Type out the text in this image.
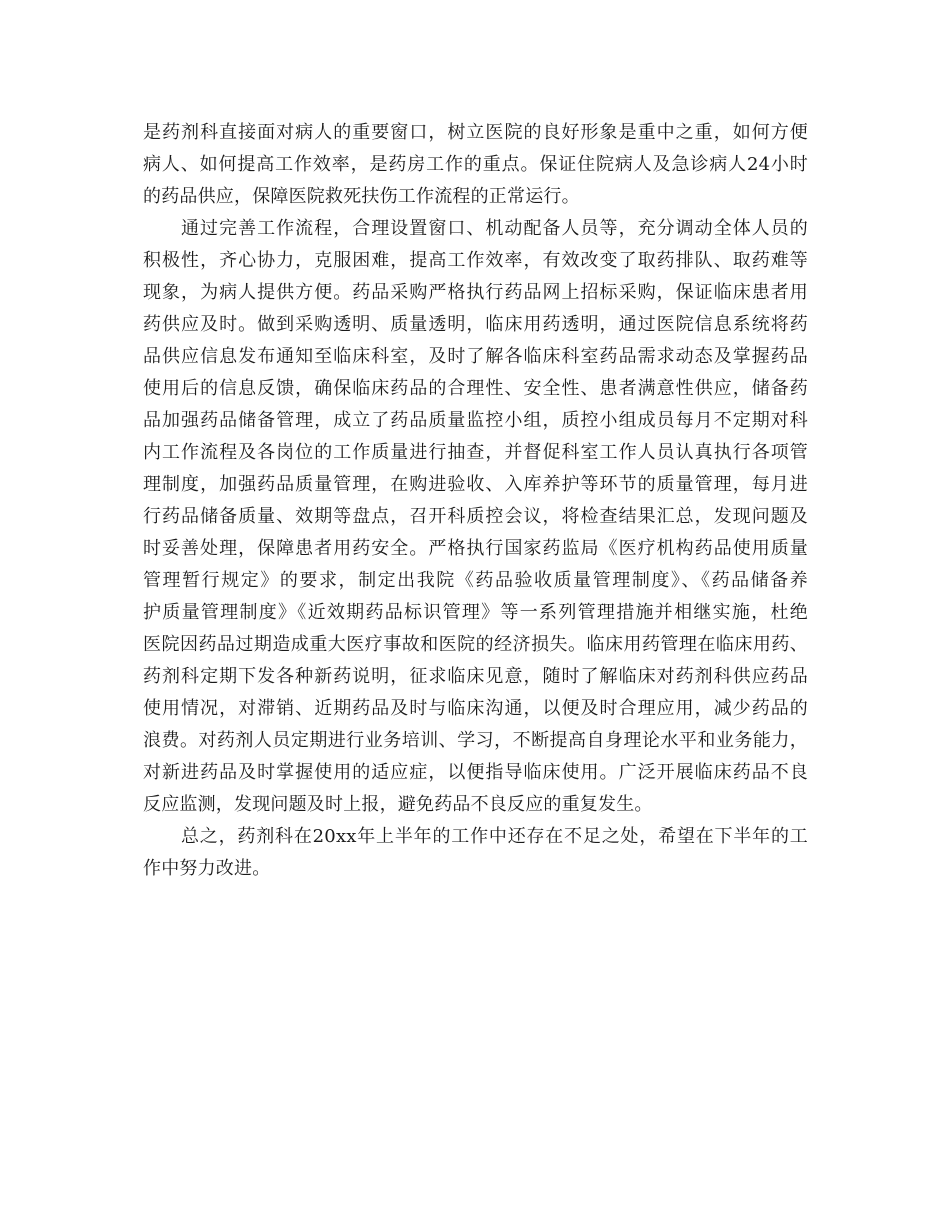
是药剂科直接面对病人的重要窗口，树立医院的良好形象是重中之重，如何方便
病人、如何提高工作效率，是药房工作的重点。保证住院病人及急诊病人24小时
的药品供应，保障医院救死扶伤工作流程的正常运行。
通过完善工作流程，合理设置窗口、机动配备人员等，充分调动全体人员的
积极性，齐心协力，克服困难，提高工作效率，有效改变了取药排队、取药难等
现象，为病人提供方便。药品采购严格执行药品网上招标采购，保证临床患者用
药供应及时。做到采购透明、质量透明，临床用药透明，通过医院信息系统将药
品供应信息发布通知至临床科室，及时了解各临床科室药品需求动态及掌握药品
使用后的信息反馈，确保临床药品的合理性、安全性、患者满意性供应，储备药
品加强药品储备管理，成立了药品质量监控小组，质控小组成员每月不定期对科
内工作流程及各岗位的工作质量进行抽查，并督促科室工作人员认真执行各项管
理制度，加强药品质量管理，在购进验收、入库养护等环节的质量管理，每月进
行药品储备质量、效期等盘点，召开科质控会议，将检查结果汇总，发现问题及
时妥善处理，保障患者用药安全。严格执行国家药监局《医疗机构药品使用质量
管理暂行规定》的要求，制定出我院《药品验收质量管理制度》、《药品储备养
护质量管理制度》《近效期药品标识管理》等一系列管理措施并相继实施，杜绝
医院因药品过期造成重大医疗事故和医院的经济损失。临床用药管理在临床用药、
药剂科定期下发各种新药说明，征求临床见意，随时了解临床对药剂科供应药品
使用情况，对滞销、近期药品及时与临床沟通，以便及时合理应用，减少药品的
浪费。对药剂人员定期进行业务培训、学习，不断提高自身理论水平和业务能力，
对新进药品及时掌握使用的适应症，以便指导临床使用。广泛开展临床药品不良
反应监测，发现问题及时上报，避免药品不良反应的重复发生。
总之，药剂科在20xx年上半年的工作中还存在不足之处，希望在下半年的工
作中努力改进。
